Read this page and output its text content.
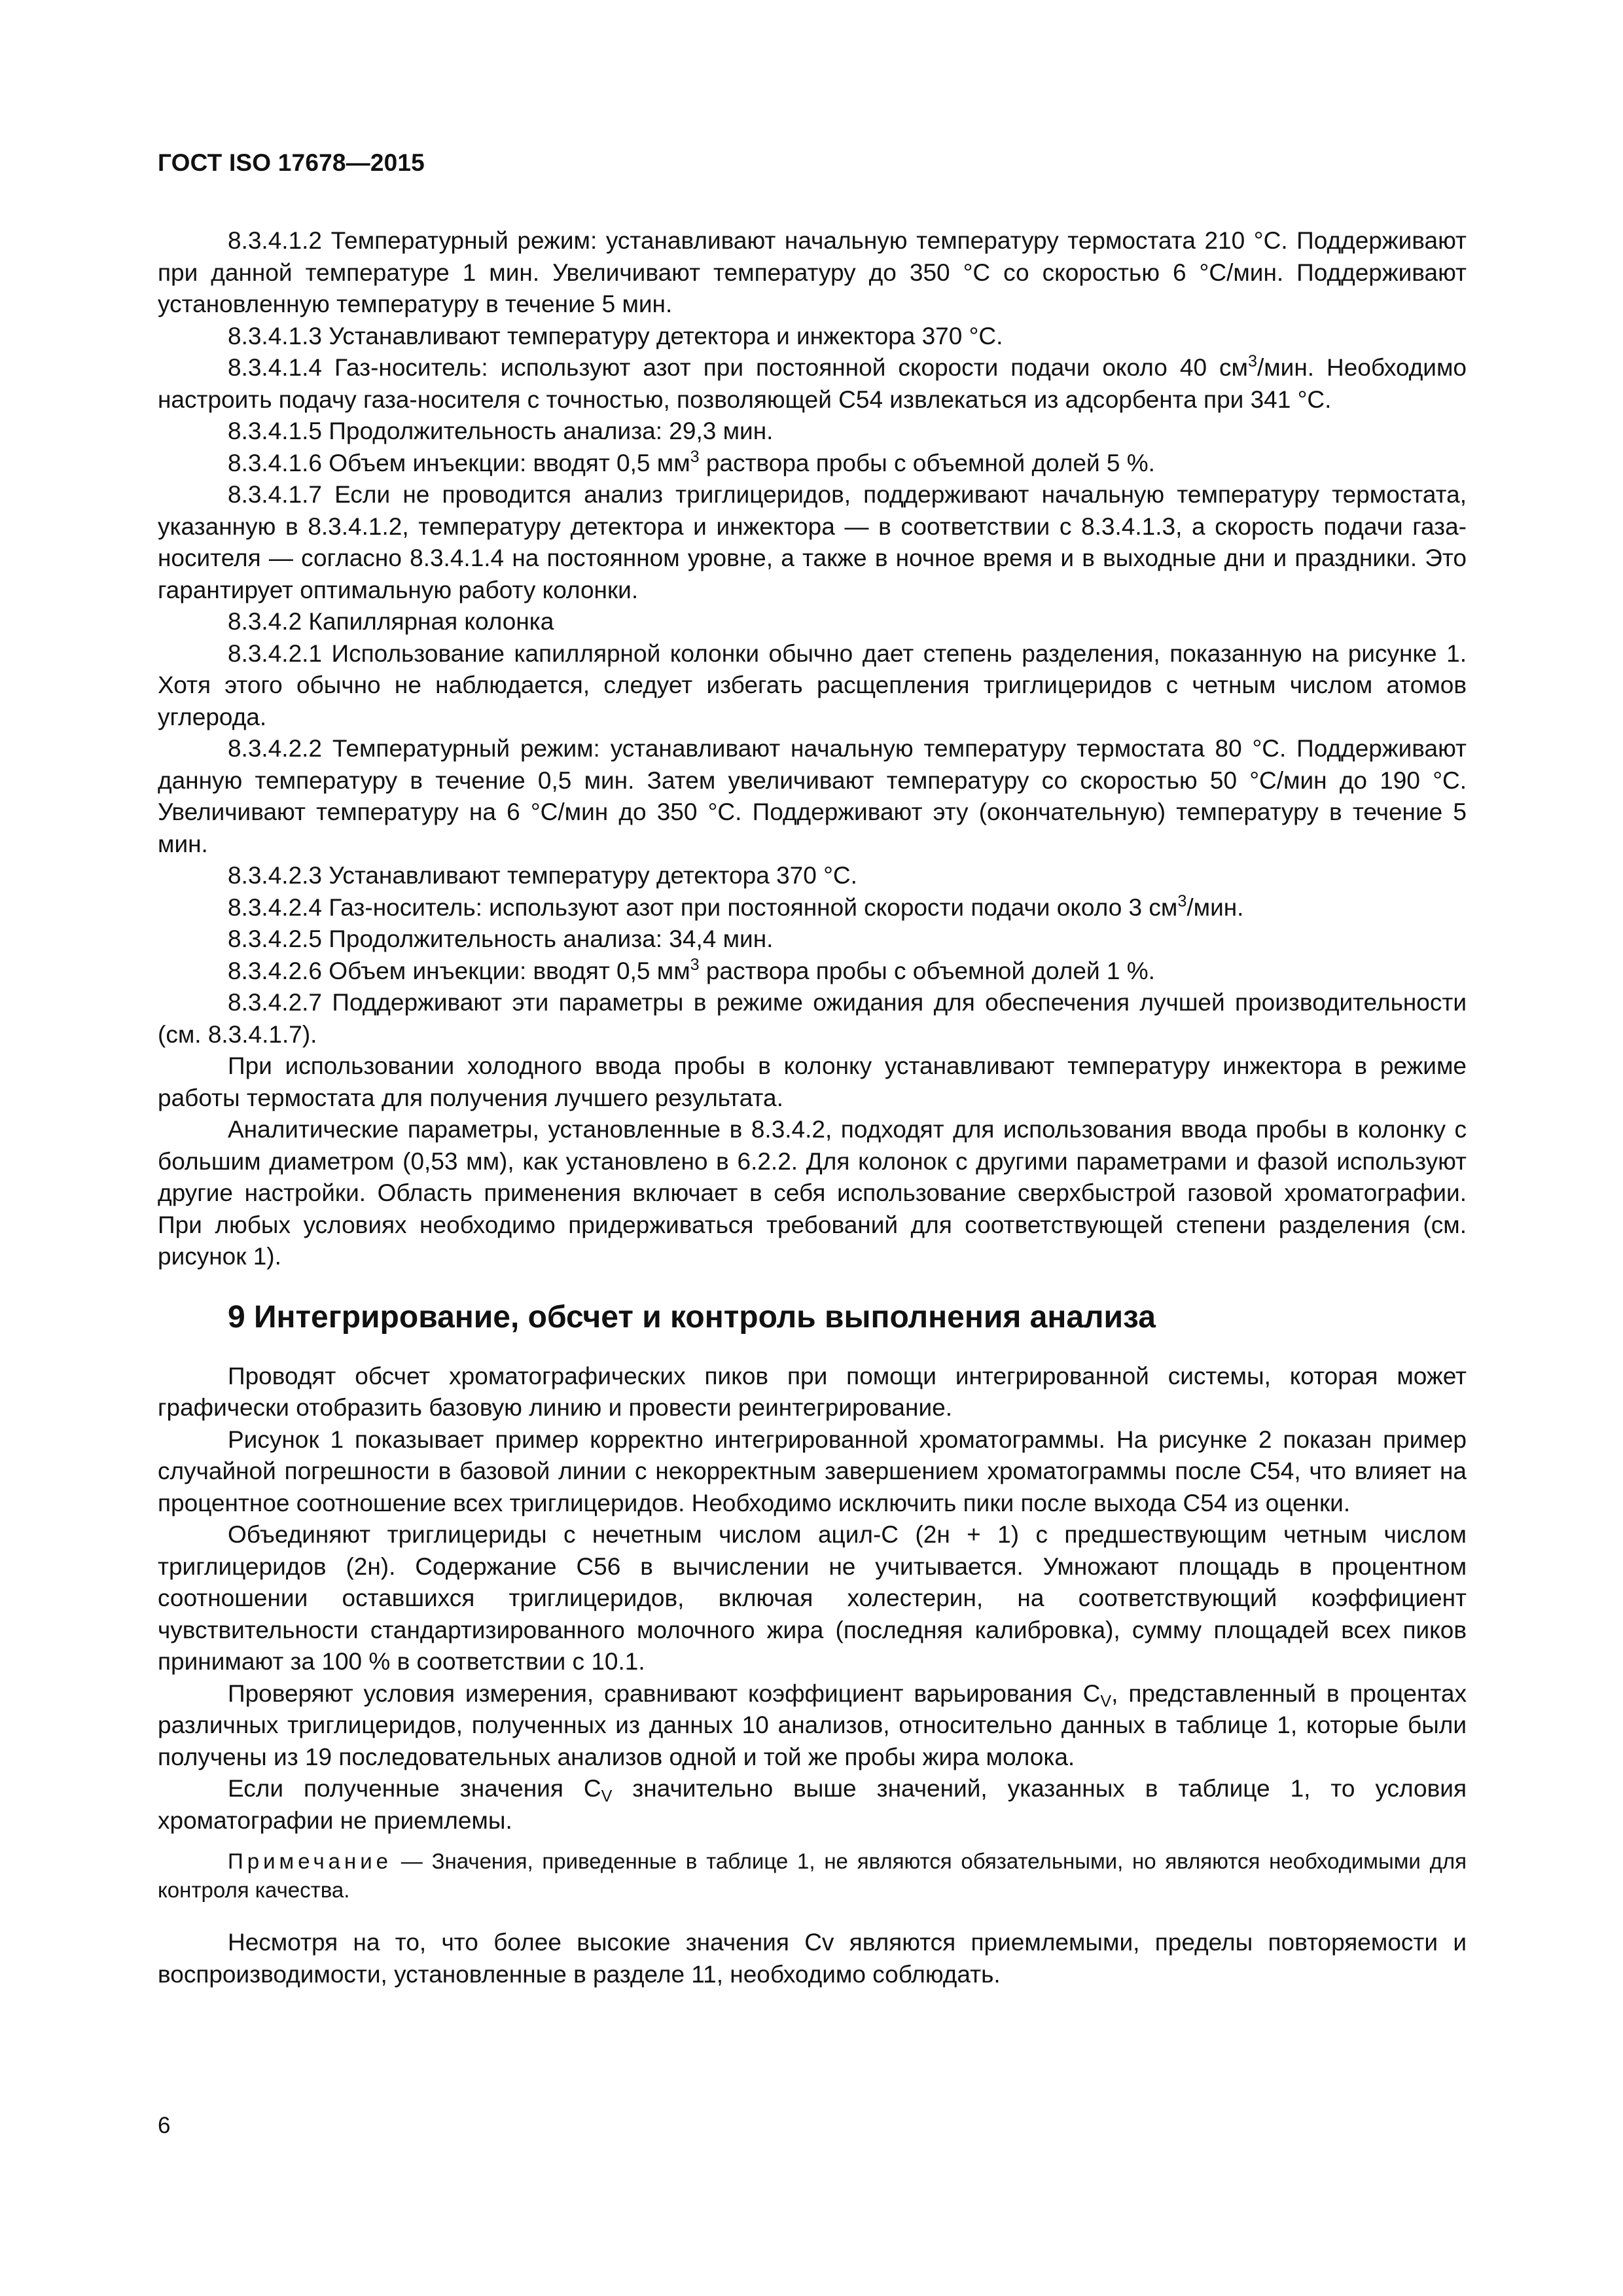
ГОСТ ISO 17678—2015

8.3.4.1.2 Температурный режим: устанавливают начальную температуру термостата 210 °С. Поддерживают при данной температуре 1 мин. Увеличивают температуру до 350 °С со скоростью 6 °С/мин. Поддерживают установленную температуру в течение 5 мин.

8.3.4.1.3 Устанавливают температуру детектора и инжектора 370 °С.

8.3.4.1.4 Газ-носитель: используют азот при постоянной скорости подачи около 40 $см^3$/мин. Необходимо настроить подачу газа-носителя с точностью, позволяющей С54 извлекаться из адсорбента при 341 °С.

8.3.4.1.5 Продолжительность анализа: 29,3 мин.

8.3.4.1.6 Объем инъекции: вводят 0,5 $мм^3$ раствора пробы с объемной долей 5 %.

8.3.4.1.7 Если не проводится анализ триглицеридов, поддерживают начальную температуру термостата, указанную в 8.3.4.1.2, температуру детектора и инжектора — в соответствии с 8.3.4.1.3, а скорость подачи газа-носителя — согласно 8.3.4.1.4 на постоянном уровне, а также в ночное время и в выходные дни и праздники. Это гарантирует оптимальную работу колонки.

8.3.4.2 Капиллярная колонка

8.3.4.2.1 Использование капиллярной колонки обычно дает степень разделения, показанную на рисунке 1. Хотя этого обычно не наблюдается, следует избегать расщепления триглицеридов с четным числом атомов углерода.

8.3.4.2.2 Температурный режим: устанавливают начальную температуру термостата 80 °С. Поддерживают данную температуру в течение 0,5 мин. Затем увеличивают температуру со скоростью 50 °С/мин до 190 °С. Увеличивают температуру на 6 °С/мин до 350 °С. Поддерживают эту (окончательную) температуру в течение 5 мин.

8.3.4.2.3 Устанавливают температуру детектора 370 °С.

8.3.4.2.4 Газ-носитель: используют азот при постоянной скорости подачи около 3 $см^3$/мин.

8.3.4.2.5 Продолжительность анализа: 34,4 мин.

8.3.4.2.6 Объем инъекции: вводят 0,5 $мм^3$ раствора пробы с объемной долей 1 %.

8.3.4.2.7 Поддерживают эти параметры в режиме ожидания для обеспечения лучшей производительности (см. 8.3.4.1.7).

При использовании холодного ввода пробы в колонку устанавливают температуру инжектора в режиме работы термостата для получения лучшего результата.

Аналитические параметры, установленные в 8.3.4.2, подходят для использования ввода пробы в колонку с большим диаметром (0,53 мм), как установлено в 6.2.2. Для колонок с другими параметрами и фазой используют другие настройки. Область применения включает в себя использование сверхбыстрой газовой хроматографии. При любых условиях необходимо придерживаться требований для соответствующей степени разделения (см. рисунок 1).

9 Интегрирование, обсчет и контроль выполнения анализа

Проводят обсчет хроматографических пиков при помощи интегрированной системы, которая может графически отобразить базовую линию и провести реинтегрирование.

Рисунок 1 показывает пример корректно интегрированной хроматограммы. На рисунке 2 показан пример случайной погрешности в базовой линии с некорректным завершением хроматограммы после С54, что влияет на процентное соотношение всех триглицеридов. Необходимо исключить пики после выхода С54 из оценки.

Объединяют триглицериды с нечетным числом ацил-С (2н + 1) с предшествующим четным числом триглицеридов (2н). Содержание С56 в вычислении не учитывается. Умножают площадь в процентном соотношении оставшихся триглицеридов, включая холестерин, на соответствующий коэффициент чувствительности стандартизированного молочного жира (последняя калибровка), сумму площадей всех пиков принимают за 100 % в соответствии с 10.1.

Проверяют условия измерения, сравнивают коэффициент варьирования $С_V$, представленный в процентах различных триглицеридов, полученных из данных 10 анализов, относительно данных в таблице 1, которые были получены из 19 последовательных анализов одной и той же пробы жира молока.

Если полученные значения $С_V$ значительно выше значений, указанных в таблице 1, то условия хроматографии не приемлемы.

Примечание — Значения, приведенные в таблице 1, не являются обязательными, но являются необходимыми для контроля качества.

Несмотря на то, что более высокие значения Cv являются приемлемыми, пределы повторяемости и воспроизводимости, установленные в разделе 11, необходимо соблюдать.

6
